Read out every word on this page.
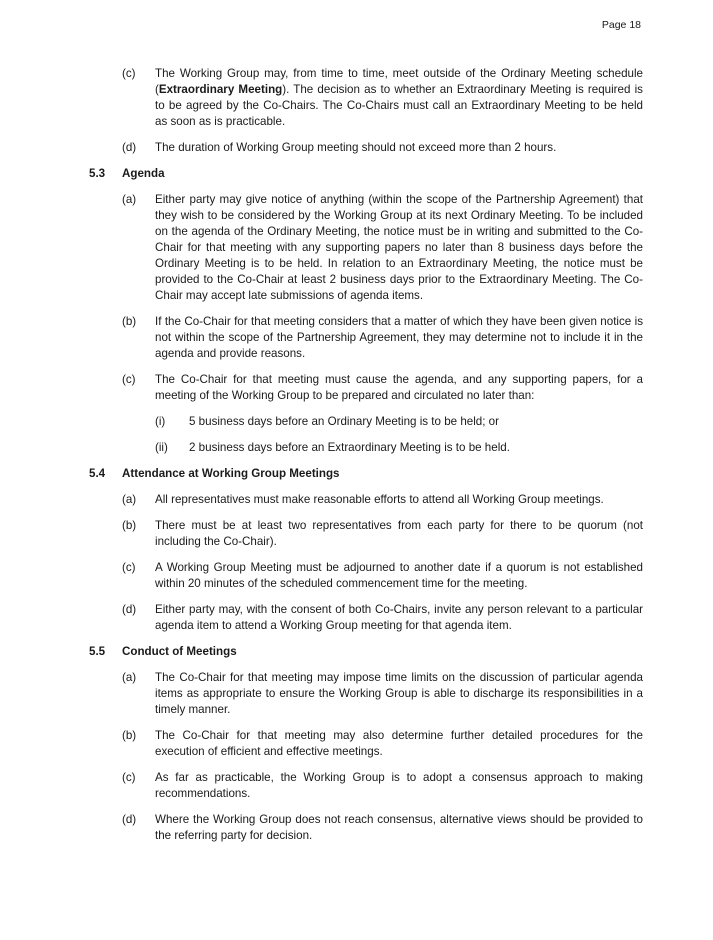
Page 18
(c) The Working Group may, from time to time, meet outside of the Ordinary Meeting schedule (Extraordinary Meeting). The decision as to whether an Extraordinary Meeting is required is to be agreed by the Co-Chairs. The Co-Chairs must call an Extraordinary Meeting to be held as soon as is practicable.
(d) The duration of Working Group meeting should not exceed more than 2 hours.
5.3 Agenda
(a) Either party may give notice of anything (within the scope of the Partnership Agreement) that they wish to be considered by the Working Group at its next Ordinary Meeting. To be included on the agenda of the Ordinary Meeting, the notice must be in writing and submitted to the Co-Chair for that meeting with any supporting papers no later than 8 business days before the Ordinary Meeting is to be held. In relation to an Extraordinary Meeting, the notice must be provided to the Co-Chair at least 2 business days prior to the Extraordinary Meeting. The Co-Chair may accept late submissions of agenda items.
(b) If the Co-Chair for that meeting considers that a matter of which they have been given notice is not within the scope of the Partnership Agreement, they may determine not to include it in the agenda and provide reasons.
(c) The Co-Chair for that meeting must cause the agenda, and any supporting papers, for a meeting of the Working Group to be prepared and circulated no later than:
(i) 5 business days before an Ordinary Meeting is to be held; or
(ii) 2 business days before an Extraordinary Meeting is to be held.
5.4 Attendance at Working Group Meetings
(a) All representatives must make reasonable efforts to attend all Working Group meetings.
(b) There must be at least two representatives from each party for there to be quorum (not including the Co-Chair).
(c) A Working Group Meeting must be adjourned to another date if a quorum is not established within 20 minutes of the scheduled commencement time for the meeting.
(d) Either party may, with the consent of both Co-Chairs, invite any person relevant to a particular agenda item to attend a Working Group meeting for that agenda item.
5.5 Conduct of Meetings
(a) The Co-Chair for that meeting may impose time limits on the discussion of particular agenda items as appropriate to ensure the Working Group is able to discharge its responsibilities in a timely manner.
(b) The Co-Chair for that meeting may also determine further detailed procedures for the execution of efficient and effective meetings.
(c) As far as practicable, the Working Group is to adopt a consensus approach to making recommendations.
(d) Where the Working Group does not reach consensus, alternative views should be provided to the referring party for decision.
